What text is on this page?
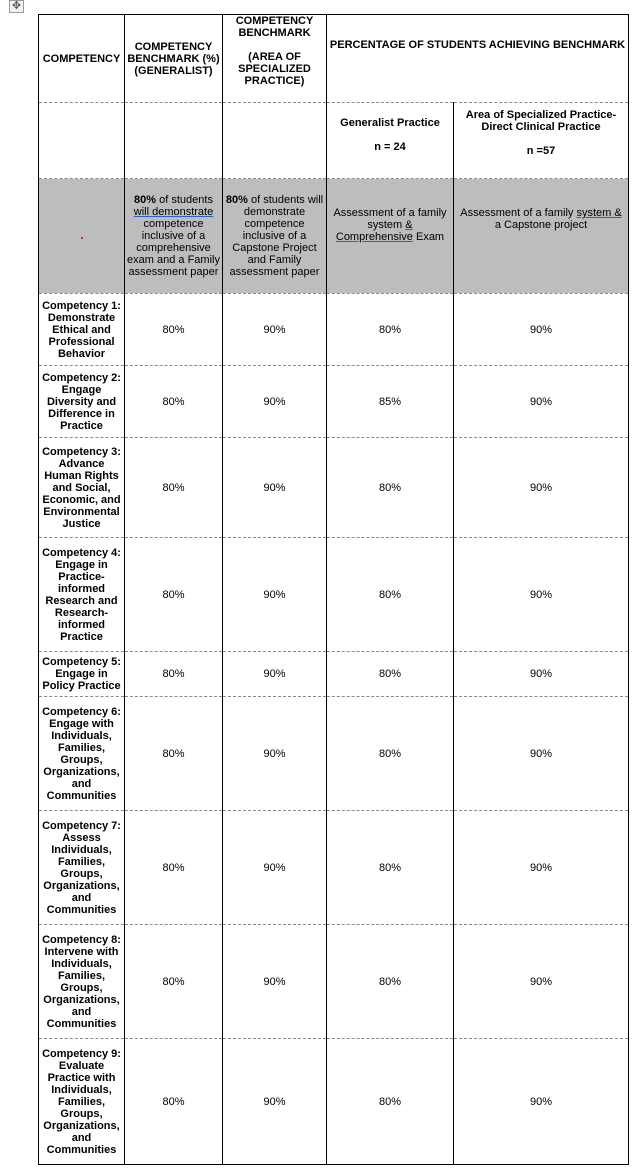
✥
COMPETENCY	COMPETENCY BENCHMARK (%) (GENERALIST)	COMPETENCY BENCHMARK
(AREA OF SPECIALIZED PRACTICE)	PERCENTAGE OF STUDENTS ACHIEVING BENCHMARK	
			Generalist Practice
n = 24	Area of Specialized Practice-Direct Clinical Practice
n =57
	80% of students will demonstrate competence inclusive of a comprehensive exam and a Family assessment paper	80% of students will demonstrate competence inclusive of a Capstone Project and Family assessment paper	Assessment of a family system &
Comprehensive Exam	Assessment of a family system & a Capstone project
Competency 1: Demonstrate Ethical and Professional Behavior	80%	90%	80%	90%
Competency 2: Engage Diversity and Difference in Practice	80%	90%	85%	90%
Competency 3: Advance Human Rights and Social, Economic, and Environmental Justice	80%	90%	80%	90%
Competency 4: Engage in Practice-informed Research and Research-informed Practice	80%	90%	80%	90%
Competency 5: Engage in Policy Practice	80%	90%	80%	90%
Competency 6: Engage with Individuals, Families, Groups, Organizations, and Communities	80%	90%	80%	90%
Competency 7: Assess Individuals, Families, Groups, Organizations, and Communities	80%	90%	80%	90%
Competency 8: Intervene with Individuals, Families, Groups, Organizations, and Communities	80%	90%	80%	90%
Competency 9: Evaluate Practice with Individuals, Families, Groups, Organizations, and Communities	80%	90%	80%	90%
